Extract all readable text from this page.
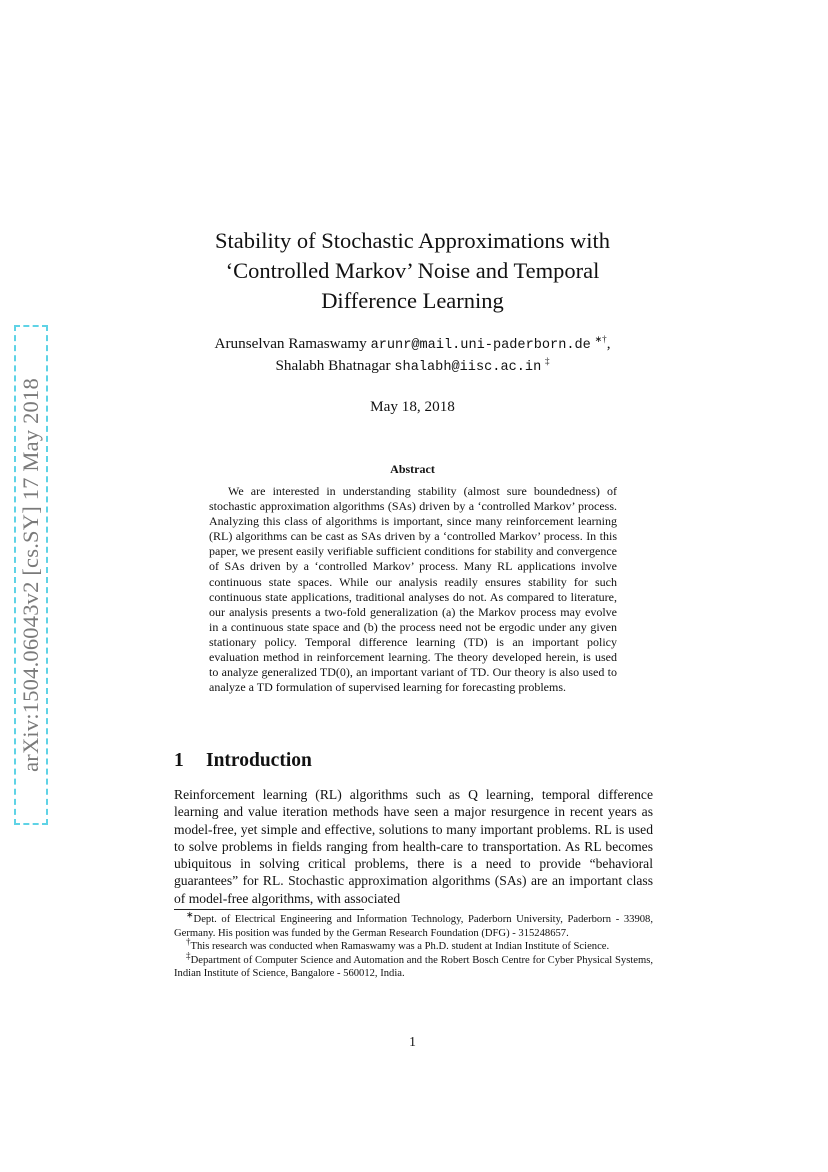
arXiv:1504.06043v2 [cs.SY] 17 May 2018
Stability of Stochastic Approximations with
‘Controlled Markov’ Noise and Temporal
Difference Learning
Arunselvan Ramaswamy arunr@mail.uni-paderborn.de ∗†,
Shalabh Bhatnagar shalabh@iisc.ac.in ‡
May 18, 2018
Abstract
We are interested in understanding stability (almost sure boundedness) of stochastic approximation algorithms (SAs) driven by a ‘controlled Markov’ process. Analyzing this class of algorithms is important, since many reinforcement learning (RL) algorithms can be cast as SAs driven by a ‘controlled Markov’ process. In this paper, we present easily verifiable sufficient conditions for stability and convergence of SAs driven by a ‘controlled Markov’ process. Many RL applications involve continuous state spaces. While our analysis readily ensures stability for such continuous state applications, traditional analyses do not. As compared to literature, our analysis presents a two-fold generalization (a) the Markov process may evolve in a continuous state space and (b) the process need not be ergodic under any given stationary policy. Temporal difference learning (TD) is an important policy evaluation method in reinforcement learning. The theory developed herein, is used to analyze generalized TD(0), an important variant of TD. Our theory is also used to analyze a TD formulation of supervised learning for forecasting problems.
1 Introduction
Reinforcement learning (RL) algorithms such as Q learning, temporal difference learning and value iteration methods have seen a major resurgence in recent years as model-free, yet simple and effective, solutions to many important problems. RL is used to solve problems in fields ranging from health-care to transportation. As RL becomes ubiquitous in solving critical problems, there is a need to provide “behavioral guarantees” for RL. Stochastic approximation algorithms (SAs) are an important class of model-free algorithms, with associated

∗Dept. of Electrical Engineering and Information Technology, Paderborn University, Paderborn - 33908, Germany. His position was funded by the German Research Foundation (DFG) - 315248657.

†This research was conducted when Ramaswamy was a Ph.D. student at Indian Institute of Science.

‡Department of Computer Science and Automation and the Robert Bosch Centre for Cyber Physical Systems, Indian Institute of Science, Bangalore - 560012, India.

1
